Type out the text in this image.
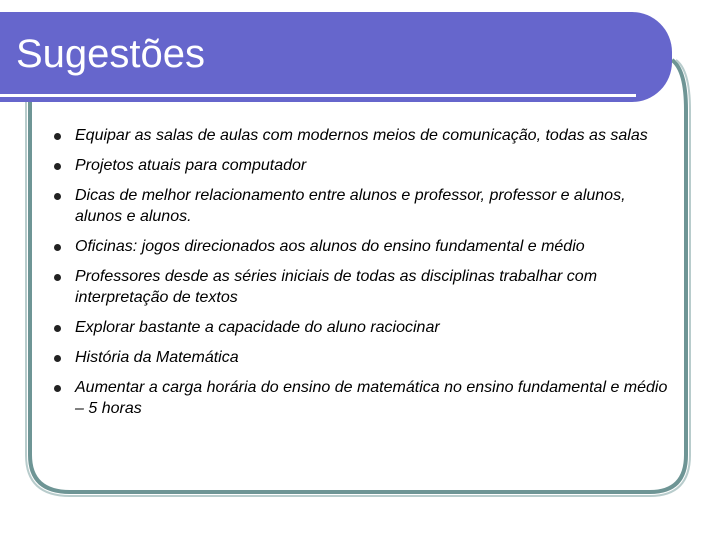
Sugestões
Equipar as salas de aulas com modernos meios de comunicação, todas as salas
Projetos atuais para computador
Dicas de melhor relacionamento entre alunos e professor, professor e alunos, alunos e alunos.
Oficinas: jogos direcionados aos alunos do ensino fundamental e médio
Professores desde as séries iniciais de todas as disciplinas trabalhar com interpretação de textos
Explorar bastante a capacidade do aluno raciocinar
História da Matemática
Aumentar a carga horária do ensino de matemática no ensino fundamental e médio – 5 horas
